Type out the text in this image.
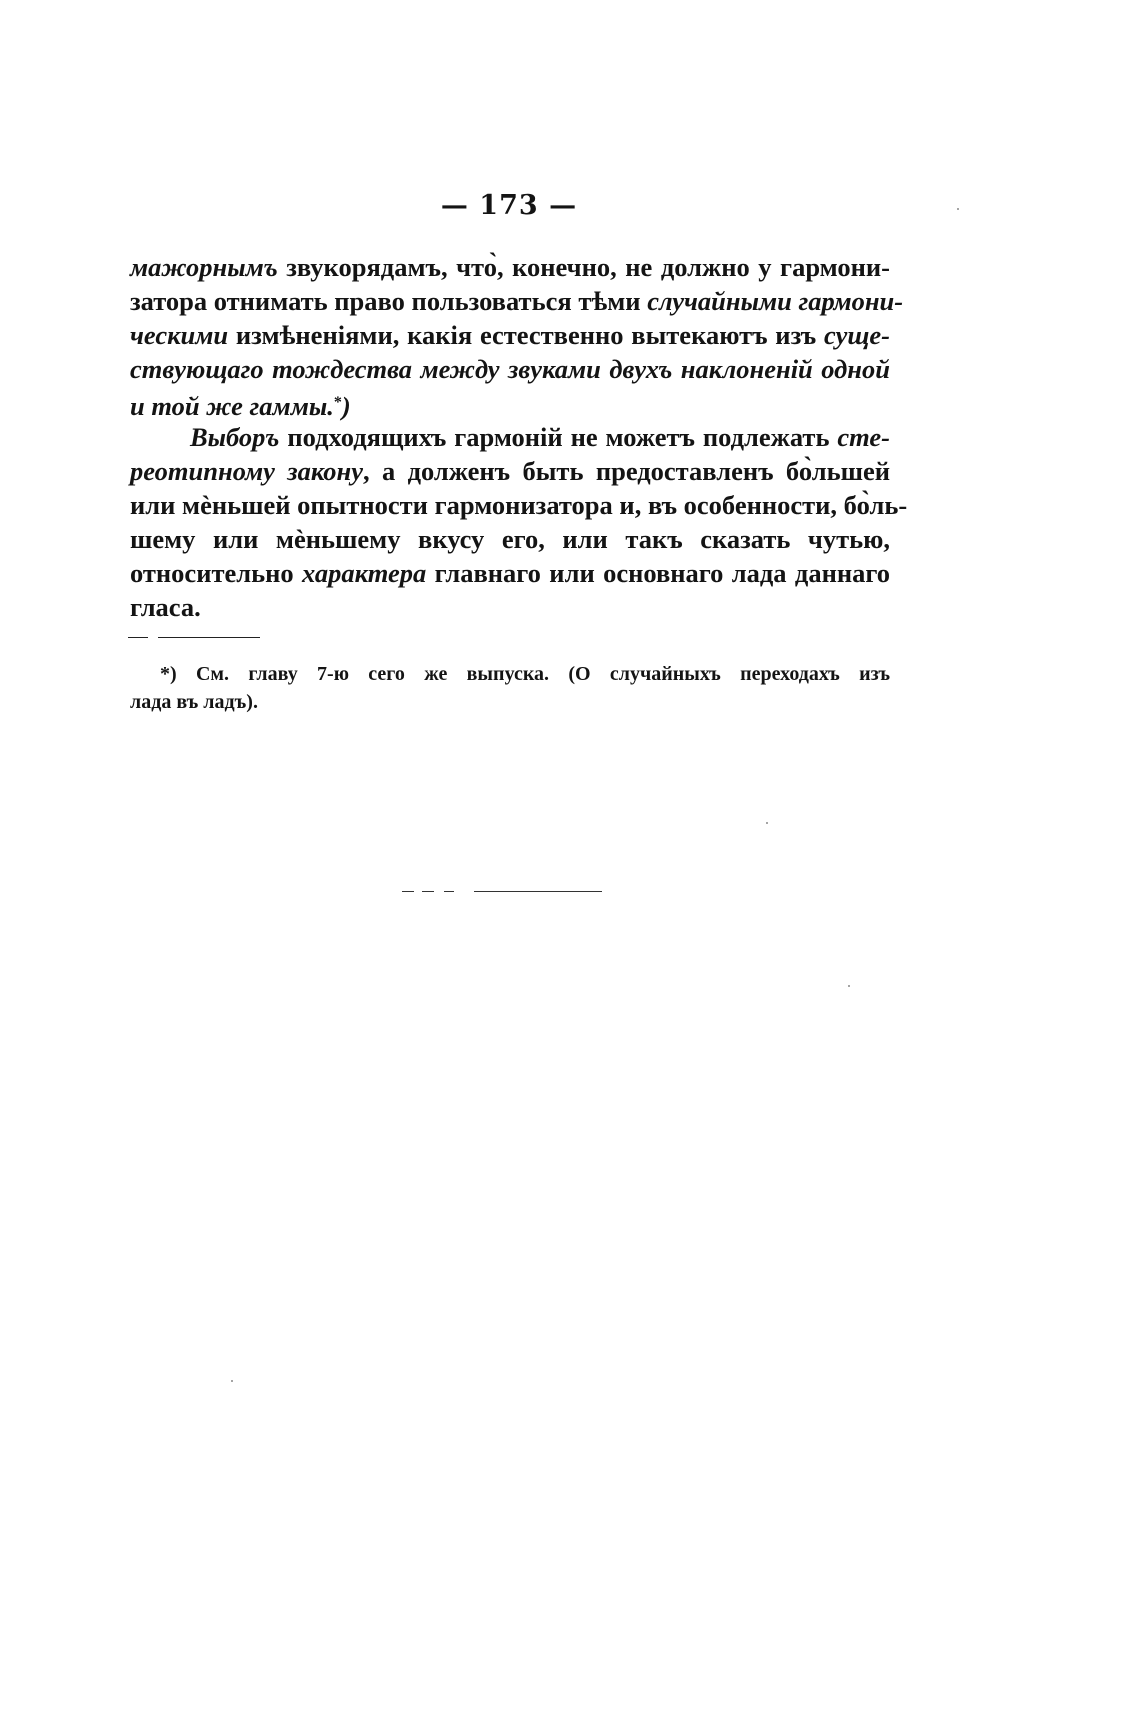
— 173 —
мажорнымъ звукорядамъ, что̀, конечно, не должно у гармони-
затора отнимать право пользоваться тѣми случайными гармони-
ческими измѣненіями, какія естественно вытекаютъ изъ суще-
ствующаго тождества между звуками двухъ наклоненій одной
и той же гаммы.*)
Выборъ подходящихъ гармоній не можетъ подлежать сте-
реотипному закону, а долженъ быть предоставленъ бо̀льшей
или мѐньшей опытности гармонизатора и, въ особенности, бо̀ль-
шему или мѐньшему вкусу его, или такъ сказать чутью,
относительно характера главнаго или основнаго лада даннаго
гласа.
*) См. главу 7-ю сего же выпуска. (О случайныхъ переходахъ изъ
лада въ ладъ).
